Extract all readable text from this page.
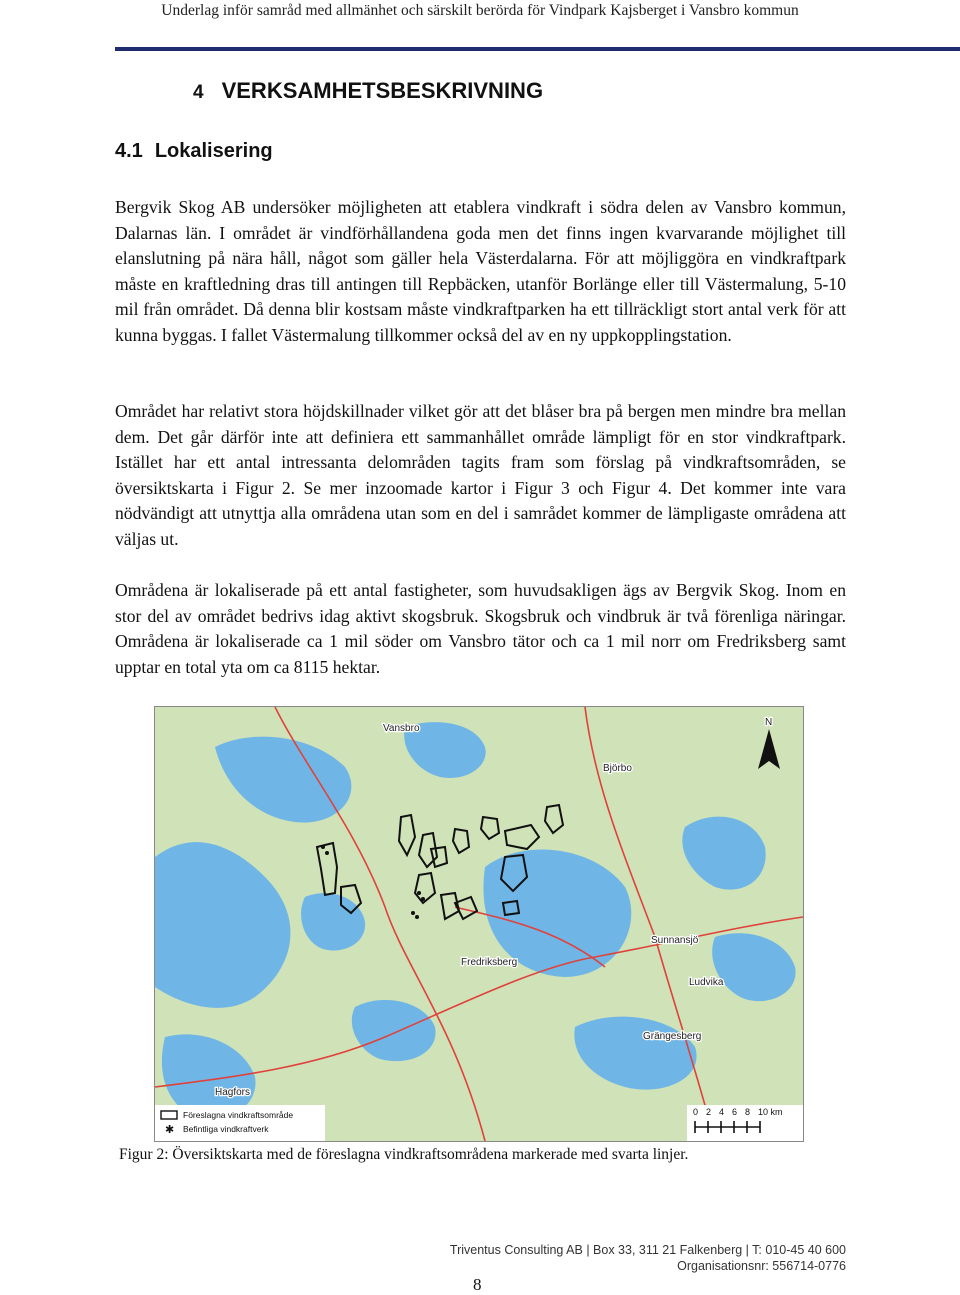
Underlag inför samråd med allmänhet och särskilt berörda för Vindpark Kajsberget i Vansbro kommun
4 VERKSAMHETSBESKRIVNING
4.1 Lokalisering

Bergvik Skog AB undersöker möjligheten att etablera vindkraft i södra delen av Vansbro kommun, Dalarnas län. I området är vindförhållandena goda men det finns ingen kvarvarande möjlighet till elanslutning på nära håll, något som gäller hela Västerdalarna. För att möjliggöra en vindkraftpark måste en kraftledning dras till antingen till Repbäcken, utanför Borlänge eller till Västermalung, 5-10 mil från området. Då denna blir kostsam måste vindkraftparken ha ett tillräckligt stort antal verk för att kunna byggas. I fallet Västermalung tillkommer också del av en ny uppkopplingstation.

Området har relativt stora höjdskillnader vilket gör att det blåser bra på bergen men mindre bra mellan dem. Det går därför inte att definiera ett sammanhållet område lämpligt för en stor vindkraftpark. Istället har ett antal intressanta delområden tagits fram som förslag på vindkraftsområden, se översiktskarta i Figur 2. Se mer inzoomade kartor i Figur 3 och Figur 4. Det kommer inte vara nödvändigt att utnyttja alla områdena utan som en del i samrådet kommer de lämpligaste områdena att väljas ut.

Områdena är lokaliserade på ett antal fastigheter, som huvudsakligen ägs av Bergvik Skog. Inom en stor del av området bedrivs idag aktivt skogsbruk. Skogsbruk och vindbruk är två förenliga näringar. Områdena är lokaliserade ca 1 mil söder om Vansbro tätor och ca 1 mil norr om Fredriksberg samt upptar en total yta om ca 8115 hektar.

Vansbro
Björbo
Sunnansjö
Ludvika
Fredriksberg
Grängesberg
Hagfors
N
Föreslagna vindkraftsområde
✱ Befintliga vindkraftverk
0 2 4 6 8 10 km
Figur 2: Översiktskarta med de föreslagna vindkraftsområdena markerade med svarta linjer.
Triventus Consulting AB | Box 33, 311 21 Falkenberg | T: 010-45 40 600
Organisationsnr: 556714-0776
8
